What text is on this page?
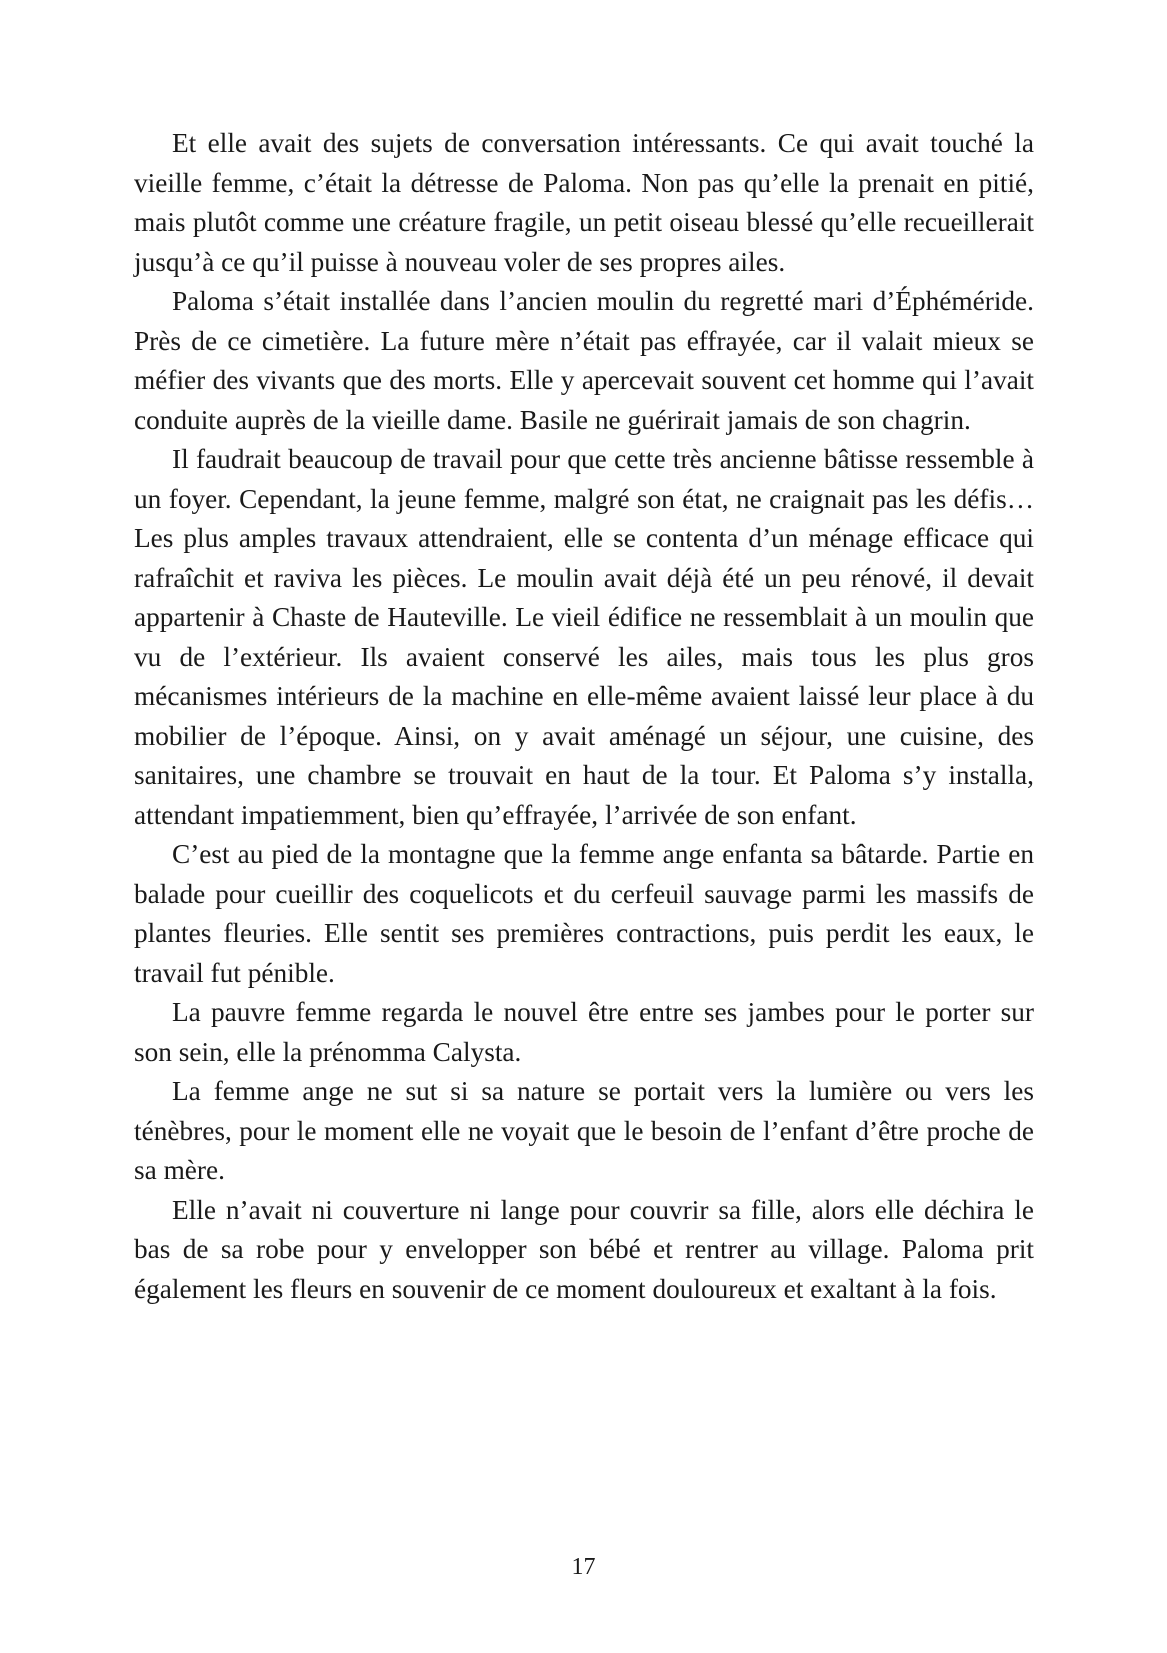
Et elle avait des sujets de conversation intéressants. Ce qui avait touché la vieille femme, c’était la détresse de Paloma. Non pas qu’elle la prenait en pitié, mais plutôt comme une créature fragile, un petit oiseau blessé qu’elle recueillerait jusqu’à ce qu’il puisse à nouveau voler de ses propres ailes.

Paloma s’était installée dans l’ancien moulin du regretté mari d’Éphéméride. Près de ce cimetière. La future mère n’était pas effrayée, car il valait mieux se méfier des vivants que des morts. Elle y apercevait souvent cet homme qui l’avait conduite auprès de la vieille dame. Basile ne guérirait jamais de son chagrin.

Il faudrait beaucoup de travail pour que cette très ancienne bâtisse ressemble à un foyer. Cependant, la jeune femme, malgré son état, ne craignait pas les défis… Les plus amples travaux attendraient, elle se contenta d’un ménage efficace qui rafraîchit et raviva les pièces. Le moulin avait déjà été un peu rénové, il devait appartenir à Chaste de Hauteville. Le vieil édifice ne ressemblait à un moulin que vu de l’extérieur. Ils avaient conservé les ailes, mais tous les plus gros mécanismes intérieurs de la machine en elle-même avaient laissé leur place à du mobilier de l’époque. Ainsi, on y avait aménagé un séjour, une cuisine, des sanitaires, une chambre se trouvait en haut de la tour. Et Paloma s’y installa, attendant impatiemment, bien qu’effrayée, l’arrivée de son enfant.

C’est au pied de la montagne que la femme ange enfanta sa bâtarde. Partie en balade pour cueillir des coquelicots et du cerfeuil sauvage parmi les massifs de plantes fleuries. Elle sentit ses premières contractions, puis perdit les eaux, le travail fut pénible.

La pauvre femme regarda le nouvel être entre ses jambes pour le porter sur son sein, elle la prénomma Calysta.

La femme ange ne sut si sa nature se portait vers la lumière ou vers les ténèbres, pour le moment elle ne voyait que le besoin de l’enfant d’être proche de sa mère.

Elle n’avait ni couverture ni lange pour couvrir sa fille, alors elle déchira le bas de sa robe pour y envelopper son bébé et rentrer au village. Paloma prit également les fleurs en souvenir de ce moment douloureux et exaltant à la fois.

17
